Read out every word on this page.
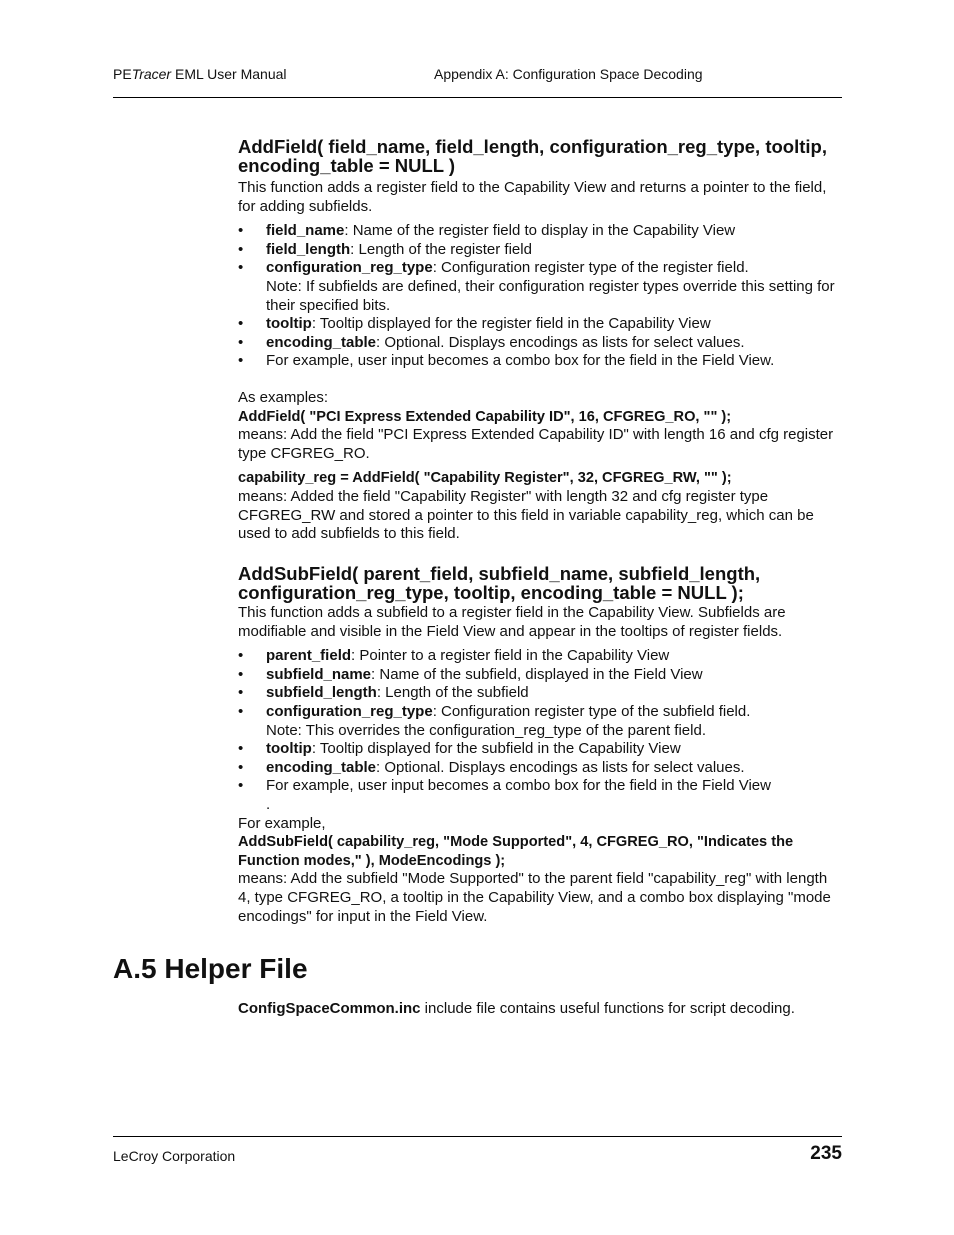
PETracer EML User Manual	Appendix A: Configuration Space Decoding
AddField( field_name, field_length, configuration_reg_type, tooltip, encoding_table = NULL )

This function adds a register field to the Capability View and returns a pointer to the field, for adding subfields.

• field_name: Name of the register field to display in the Capability View
• field_length: Length of the register field
• configuration_reg_type: Configuration register type of the register field.
Note: If subfields are defined, their configuration register types override this setting for their specified bits.
• tooltip: Tooltip displayed for the register field in the Capability View
• encoding_table: Optional. Displays encodings as lists for select values.
• For example, user input becomes a combo box for the field in the Field View.

As examples:

AddField( "PCI Express Extended Capability ID", 16, CFGREG_RO, "" );

means: Add the field "PCI Express Extended Capability ID" with length 16 and cfg register type CFGREG_RO.

capability_reg = AddField( "Capability Register", 32, CFGREG_RW, "" );

means: Added the field "Capability Register" with length 32 and cfg register type CFGREG_RW and stored a pointer to this field in variable capability_reg, which can be used to add subfields to this field.

AddSubField( parent_field, subfield_name, subfield_length, configuration_reg_type, tooltip, encoding_table = NULL );

This function adds a subfield to a register field in the Capability View. Subfields are modifiable and visible in the Field View and appear in the tooltips of register fields.

• parent_field: Pointer to a register field in the Capability View
• subfield_name: Name of the subfield, displayed in the Field View
• subfield_length: Length of the subfield
• configuration_reg_type: Configuration register type of the subfield field.
Note: This overrides the configuration_reg_type of the parent field.
• tooltip: Tooltip displayed for the subfield in the Capability View
• encoding_table: Optional. Displays encodings as lists for select values.
• For example, user input becomes a combo box for the field in the Field View
.

For example,

AddSubField( capability_reg, "Mode Supported", 4, CFGREG_RO, "Indicates the Function modes," ), ModeEncodings );

means: Add the subfield "Mode Supported" to the parent field "capability_reg" with length 4, type CFGREG_RO, a tooltip in the Capability View, and a combo box displaying "mode encodings" for input in the Field View.

A.5 Helper File
ConfigSpaceCommon.inc include file contains useful functions for script decoding.
LeCroy Corporation	235
